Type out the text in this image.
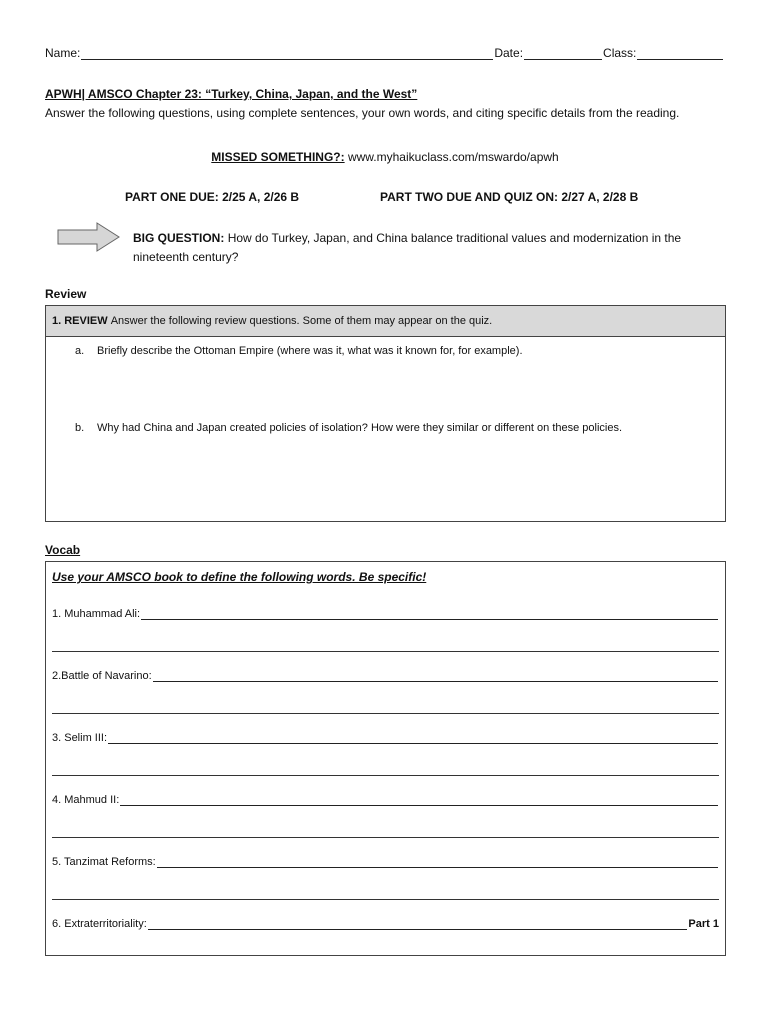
Name:	Date:	Class:
APWH| AMSCO Chapter 23: “Turkey, China, Japan, and the West”
Answer the following questions, using complete sentences, your own words, and citing specific details from the reading.
MISSED SOMETHING?: www.myhaikuclass.com/mswardo/apwh
PART ONE DUE: 2/25 A, 2/26 B	PART TWO DUE AND QUIZ ON: 2/27 A, 2/28 B
BIG QUESTION: How do Turkey, Japan, and China balance traditional values and modernization in the
nineteenth century?
Review
1. REVIEW
Answer the following review questions. Some of them may appear on the quiz.
a. Briefly describe the Ottoman Empire (where was it, what was it known for, for example).
b. Why had China and Japan created policies of isolation? How were they similar or different on these policies.
Vocab
Use your AMSCO book to define the following words. Be specific!
1. Muhammad Ali:
2.Battle of Navarino:
3. Selim III:
4. Mahmud II:
5. Tanzimat Reforms:
6. Extraterritoriality:	Part 1
